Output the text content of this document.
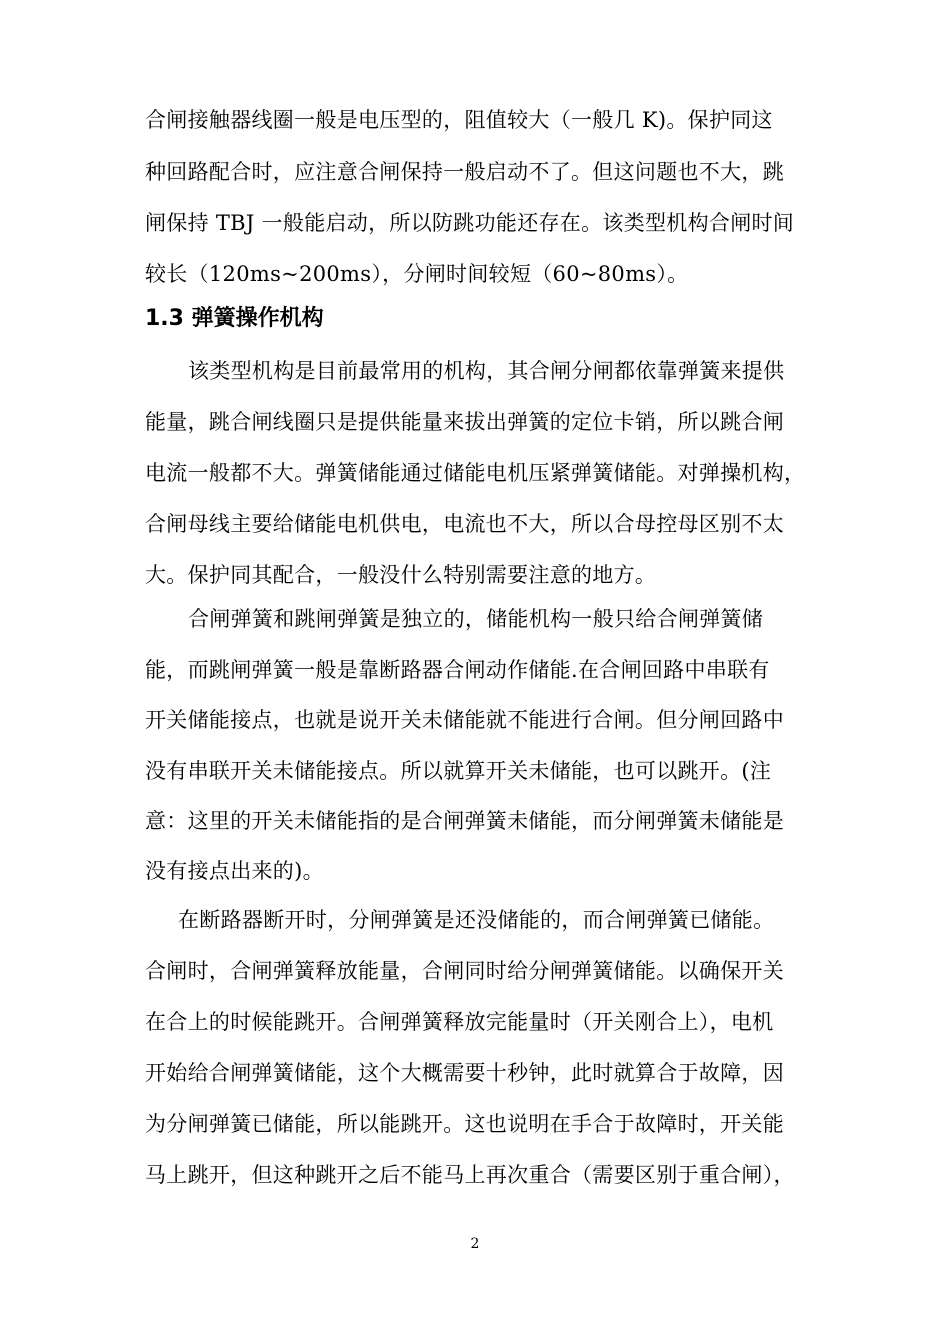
合闸接触器线圈一般是电压型的，阻值较大（一般几 K)。保护同这
种回路配合时，应注意合闸保持一般启动不了。但这问题也不大，跳
闸保持 TBJ 一般能启动，所以防跳功能还存在。该类型机构合闸时间
较长（120ms~200ms），分闸时间较短（60~80ms）。
1.3 弹簧操作机构
该类型机构是目前最常用的机构，其合闸分闸都依靠弹簧来提供
能量，跳合闸线圈只是提供能量来拔出弹簧的定位卡销，所以跳合闸
电流一般都不大。弹簧储能通过储能电机压紧弹簧储能。对弹操机构，
合闸母线主要给储能电机供电，电流也不大，所以合母控母区别不太
大。保护同其配合，一般没什么特别需要注意的地方。
合闸弹簧和跳闸弹簧是独立的，储能机构一般只给合闸弹簧储
能，而跳闸弹簧一般是靠断路器合闸动作储能.在合闸回路中串联有
开关储能接点，也就是说开关未储能就不能进行合闸。但分闸回路中
没有串联开关未储能接点。所以就算开关未储能，也可以跳开。(注
意：这里的开关未储能指的是合闸弹簧未储能，而分闸弹簧未储能是
没有接点出来的)。
在断路器断开时，分闸弹簧是还没储能的，而合闸弹簧已储能。
合闸时，合闸弹簧释放能量，合闸同时给分闸弹簧储能。以确保开关
在合上的时候能跳开。合闸弹簧释放完能量时（开关刚合上），电机
开始给合闸弹簧储能，这个大概需要十秒钟，此时就算合于故障，因
为分闸弹簧已储能，所以能跳开。这也说明在手合于故障时，开关能
马上跳开，但这种跳开之后不能马上再次重合（需要区别于重合闸），
2
